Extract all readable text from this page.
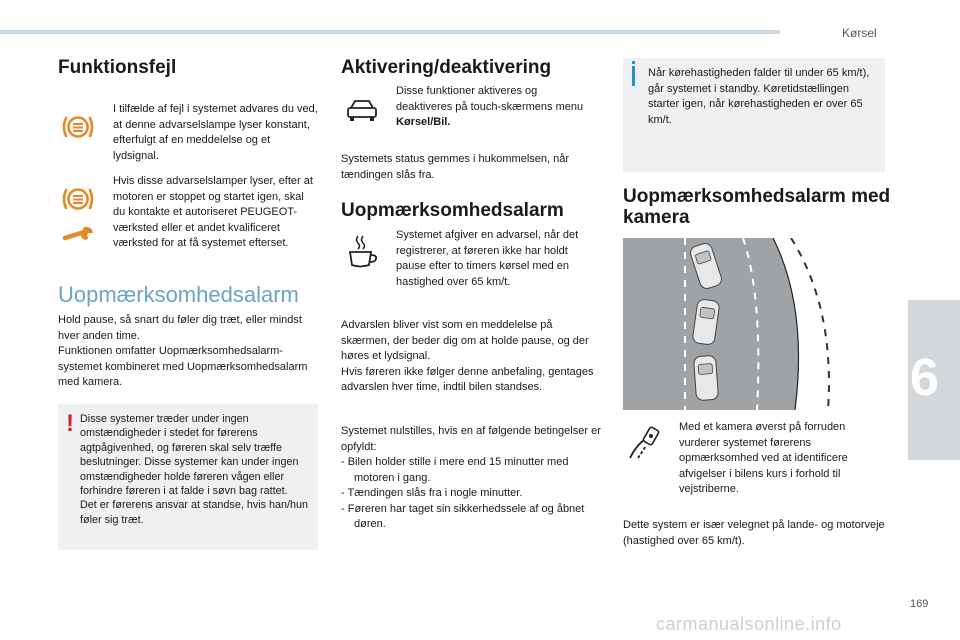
Kørsel
6
169
carmanualsonline.info
Funktionsfejl
I tilfælde af fejl i systemet advares du ved, at denne advarselslampe lyser konstant, efterfulgt af en meddelelse og et lydsignal.
Hvis disse advarselslamper lyser, efter at motoren er stoppet og startet igen, skal du kontakte et autoriseret PEUGEOT-værksted eller et andet kvalificeret værksted for at få systemet efterset.
Uopmærksomhedsalarm
Hold pause, så snart du føler dig træt, eller mindst hver anden time.
Funktionen omfatter Uopmærksomhedsalarm-systemet kombineret med Uopmærksomhedsalarm med kamera.
! Disse systemer træder under ingen omstændigheder i stedet for førerens agtpågivenhed, og føreren skal selv træffe beslutninger. Disse systemer kan under ingen omstændigheder holde føreren vågen eller forhindre føreren i at falde i søvn bag rattet.
Det er førerens ansvar at standse, hvis han/hun føler sig træt.
Aktivering/deaktivering
Disse funktioner aktiveres og deaktiveres på touch-skærmens menu Kørsel/Bil.
Systemets status gemmes i hukommelsen, når tændingen slås fra.
Uopmærksomhedsalarm
Systemet afgiver en advarsel, når det registrerer, at føreren ikke har holdt pause efter to timers kørsel med en hastighed over 65 km/t.
Advarslen bliver vist som en meddelelse på skærmen, der beder dig om at holde pause, og der høres et lydsignal.
Hvis føreren ikke følger denne anbefaling, gentages advarslen hver time, indtil bilen standses.
Systemet nulstilles, hvis en af følgende betingelser er opfyldt:
- Bilen holder stille i mere end 15 minutter med motoren i gang.
- Tændingen slås fra i nogle minutter.
- Føreren har taget sin sikkerhedssele af og åbnet døren.
Når kørehastigheden falder til under 65 km/t), går systemet i standby. Køretidstællingen starter igen, når kørehastigheden er over 65 km/t.
Uopmærksomhedsalarm med kamera
Med et kamera øverst på forruden vurderer systemet førerens opmærksomhed ved at identificere afvigelser i bilens kurs i forhold til vejstriberne.
Dette system er især velegnet på lande- og motorveje (hastighed over 65 km/t).
